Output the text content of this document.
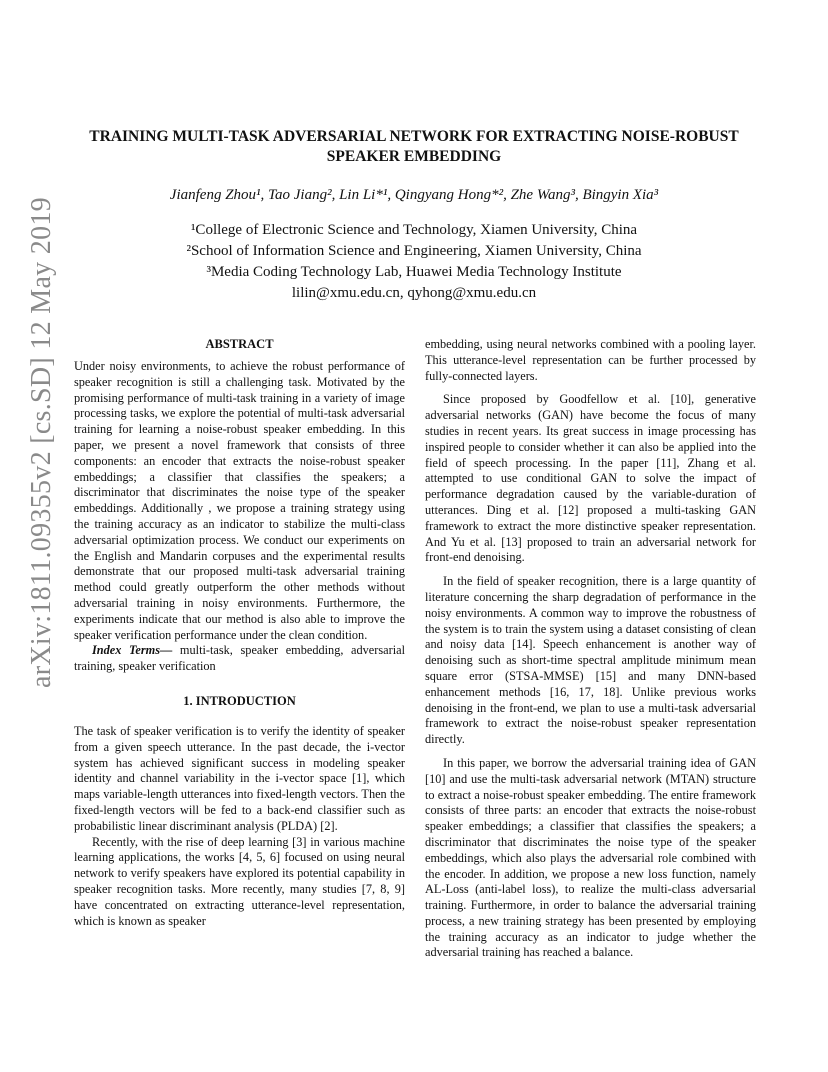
arXiv:1811.09355v2 [cs.SD] 12 May 2019
TRAINING MULTI-TASK ADVERSARIAL NETWORK FOR EXTRACTING NOISE-ROBUST SPEAKER EMBEDDING
Jianfeng Zhou¹, Tao Jiang², Lin Li*¹, Qingyang Hong*², Zhe Wang³, Bingyin Xia³
¹College of Electronic Science and Technology, Xiamen University, China
²School of Information Science and Engineering, Xiamen University, China
³Media Coding Technology Lab, Huawei Media Technology Institute
lilin@xmu.edu.cn, qyhong@xmu.edu.cn
ABSTRACT

Under noisy environments, to achieve the robust performance of speaker recognition is still a challenging task. Motivated by the promising performance of multi-task training in a variety of image processing tasks, we explore the potential of multi-task adversarial training for learning a noise-robust speaker embedding. In this paper, we present a novel framework that consists of three components: an encoder that extracts the noise-robust speaker embeddings; a classifier that classifies the speakers; a discriminator that discriminates the noise type of the speaker embeddings. Additionally , we propose a training strategy using the training accuracy as an indicator to stabilize the multi-class adversarial optimization process. We conduct our experiments on the English and Mandarin corpuses and the experimental results demonstrate that our proposed multi-task adversarial training method could greatly outperform the other methods without adversarial training in noisy environments. Furthermore, the experiments indicate that our method is also able to improve the speaker verification performance under the clean condition.

Index Terms— multi-task, speaker embedding, adversarial training, speaker verification

1. INTRODUCTION

The task of speaker verification is to verify the identity of speaker from a given speech utterance. In the past decade, the i-vector system has achieved significant success in modeling speaker identity and channel variability in the i-vector space [1], which maps variable-length utterances into fixed-length vectors. Then the fixed-length vectors will be fed to a back-end classifier such as probabilistic linear discriminant analysis (PLDA) [2].

Recently, with the rise of deep learning [3] in various machine learning applications, the works [4, 5, 6] focused on using neural network to verify speakers have explored its potential capability in speaker recognition tasks. More recently, many studies [7, 8, 9] have concentrated on extracting utterance-level representation, which is known as speaker

embedding, using neural networks combined with a pooling layer. This utterance-level representation can be further processed by fully-connected layers.

Since proposed by Goodfellow et al. [10], generative adversarial networks (GAN) have become the focus of many studies in recent years. Its great success in image processing has inspired people to consider whether it can also be applied into the field of speech processing. In the paper [11], Zhang et al. attempted to use conditional GAN to solve the impact of performance degradation caused by the variable-duration of utterances. Ding et al. [12] proposed a multi-tasking GAN framework to extract the more distinctive speaker representation. And Yu et al. [13] proposed to train an adversarial network for front-end denoising.

In the field of speaker recognition, there is a large quantity of literature concerning the sharp degradation of performance in the noisy environments. A common way to improve the robustness of the system is to train the system using a dataset consisting of clean and noisy data [14]. Speech enhancement is another way of denoising such as short-time spectral amplitude minimum mean square error (STSA-MMSE) [15] and many DNN-based enhancement methods [16, 17, 18]. Unlike previous works denoising in the front-end, we plan to use a multi-task adversarial framework to extract the noise-robust speaker representation directly.

In this paper, we borrow the adversarial training idea of GAN [10] and use the multi-task adversarial network (MTAN) structure to extract a noise-robust speaker embedding. The entire framework consists of three parts: an encoder that extracts the noise-robust speaker embeddings; a classifier that classifies the speakers; a discriminator that discriminates the noise type of the speaker embeddings, which also plays the adversarial role combined with the encoder. In addition, we propose a new loss function, namely AL-Loss (anti-label loss), to realize the multi-class adversarial training. Furthermore, in order to balance the adversarial training process, a new training strategy has been presented by employing the training accuracy as an indicator to judge whether the adversarial training has reached a balance.
